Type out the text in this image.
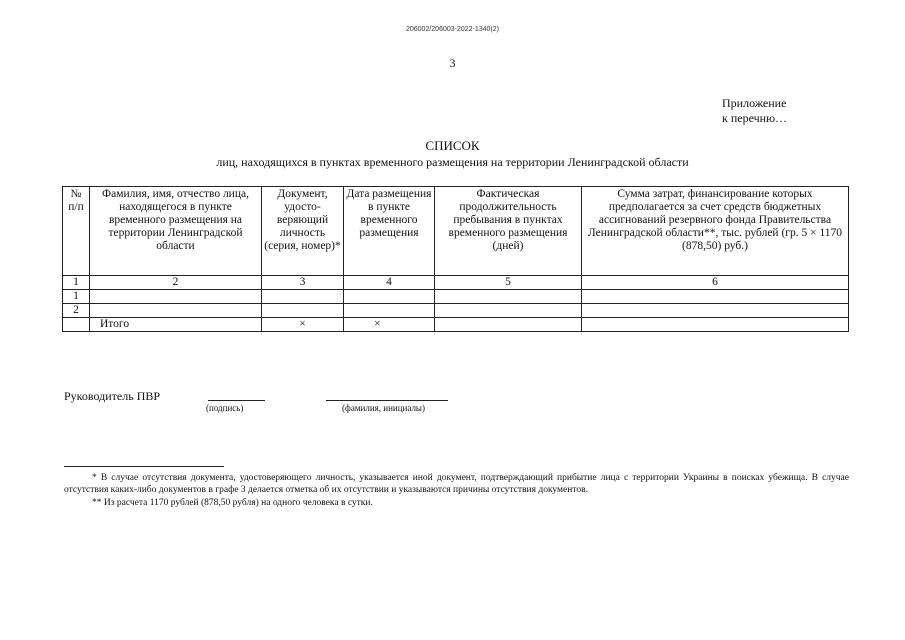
206002/206003-2022-1340(2)
3
Приложение
к перечню…
СПИСОК
лиц, находящихся в пунктах временного размещения на территории Ленинградской области
№ п/п	Фамилия, имя, отчество лица, находящегося в пункте временного размещения на территории Ленинградской области	Документ, удосто-веряющий личность (серия, номер)*	Дата размещения в пункте временного размещения	Фактическая продолжительность пребывания в пунктах временного размещения (дней)	Сумма затрат, финансирование которых предполагается за счет средств бюджетных ассигнований резервного фонда Правительства Ленинградской области**, тыс. рублей (гр. 5 × 1170 (878,50) руб.)
1	2	3	4	5	6
1					
2					
	Итого	×	×		
Руководитель ПВР
(подпись)	(фамилия, инициалы)
* В случае отсутствия документа, удостоверяющего личность, указывается иной документ, подтверждающий прибытие лица с территории Украины в поисках убежища. В случае отсутствия каких-либо документов в графе 3 делается отметка об их отсутствии и указываются причины отсутствия документов.
** Из расчета 1170 рублей (878,50 рубля) на одного человека в сутки.
